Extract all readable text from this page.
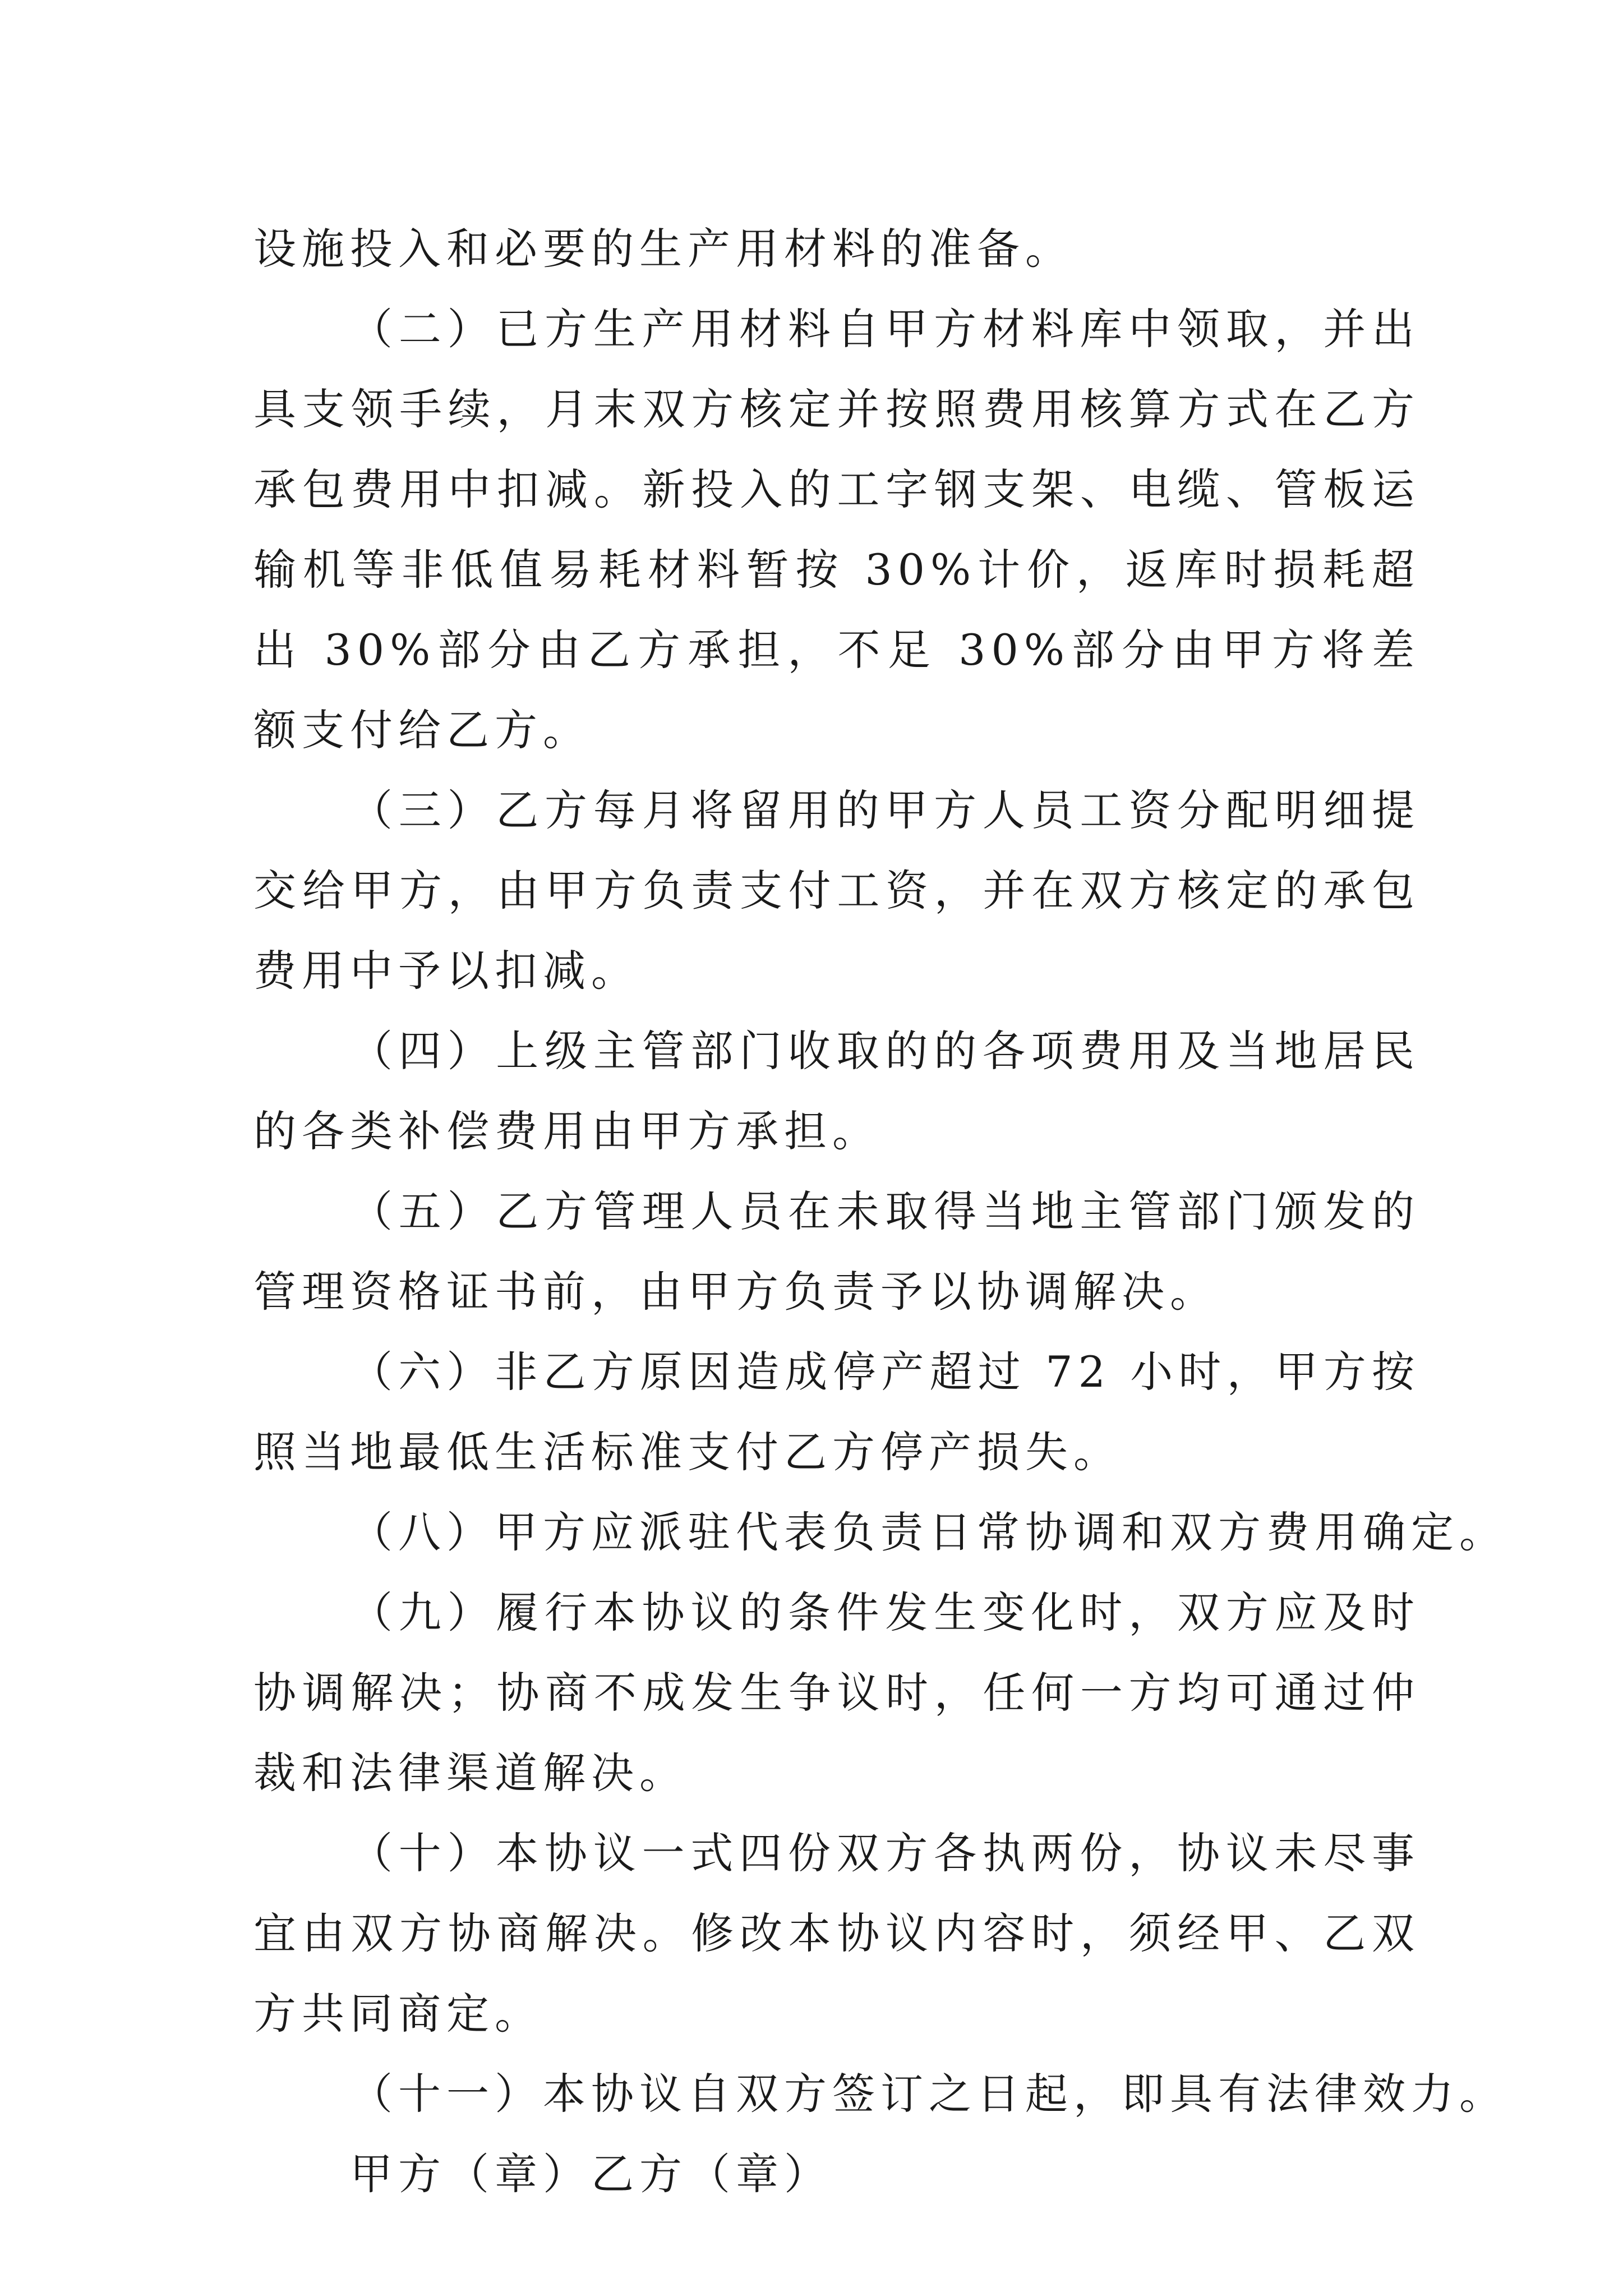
设施投入和必要的生产用材料的准备。

（二）已方生产用材料自甲方材料库中领取，并出具支领手续，月末双方核定并按照费用核算方式在乙方承包费用中扣减。新投入的工字钢支架、电缆、管板运输机等非低值易耗材料暂按 30%计价，返库时损耗超出 30%部分由乙方承担，不足 30%部分由甲方将差额支付给乙方。

（三）乙方每月将留用的甲方人员工资分配明细提交给甲方，由甲方负责支付工资，并在双方核定的承包费用中予以扣减。

（四）上级主管部门收取的的各项费用及当地居民的各类补偿费用由甲方承担。

（五）乙方管理人员在未取得当地主管部门颁发的管理资格证书前，由甲方负责予以协调解决。

（六）非乙方原因造成停产超过 72 小时，甲方按照当地最低生活标准支付乙方停产损失。

（八）甲方应派驻代表负责日常协调和双方费用确定。

（九）履行本协议的条件发生变化时，双方应及时协调解决；协商不成发生争议时，任何一方均可通过仲裁和法律渠道解决。

（十）本协议一式四份双方各执两份，协议未尽事宜由双方协商解决。修改本协议内容时，须经甲、乙双方共同商定。

（十一）本协议自双方签订之日起，即具有法律效力。

甲方（章）乙方（章）
